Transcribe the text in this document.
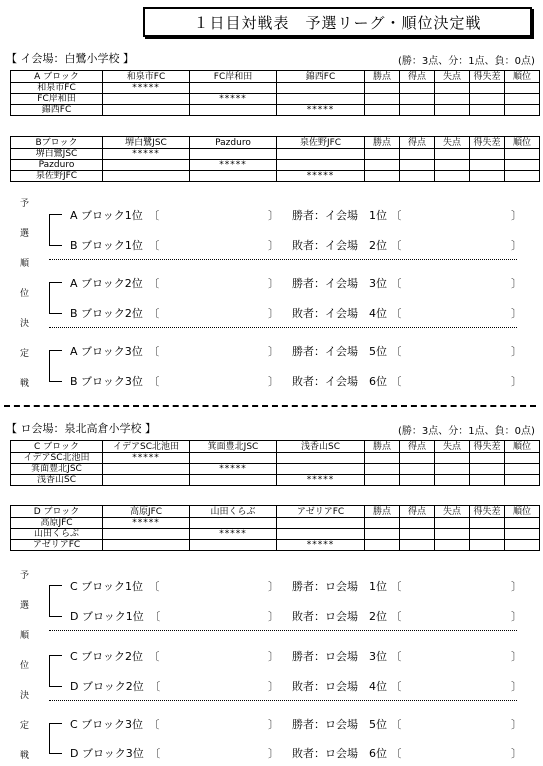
１日目対戦表　予選リーグ・順位決定戦
【 イ会場：白鷺小学校 】	(勝：3点、分：1点、負：0点)
A ブロック	和泉市FC	FC岸和田	錦西FC	勝点	得点	失点	得失差	順位
和泉市FC	*****							
FC岸和田		*****						
錦西FC			*****					
Bブロック	堺白鷺JSC	Pazduro	泉佐野JFC	勝点	得点	失点	得失差	順位
堺白鷺JSC	*****							
Pazduro		*****						
泉佐野JFC			*****					
予
選
順
位
決
定
戦
A ブロック1位　〔	〕 勝者：イ会場　1位 〔	〕
B ブロック1位　〔	〕 敗者：イ会場　2位 〔	〕
A ブロック2位　〔	〕 勝者：イ会場　3位 〔	〕
B ブロック2位　〔	〕 敗者：イ会場　4位 〔	〕
A ブロック3位　〔	〕 勝者：イ会場　5位 〔	〕
B ブロック3位　〔	〕 敗者：イ会場　6位 〔	〕
【 ロ会場：泉北高倉小学校 】	(勝：3点、分：1点、負：0点)
C ブロック	イデアSC北池田	箕面豊北JSC	浅香山SC	勝点	得点	失点	得失差	順位
イデアSC北池田	*****							
箕面豊北JSC		*****						
浅香山SC			*****					
D ブロック	高原JFC	山田くらぶ	アゼリアFC	勝点	得点	失点	得失差	順位
高原JFC	*****							
山田くらぶ		*****						
アゼリアFC			*****					
予
選
順
位
決
定
戦
C ブロック1位　〔	〕 勝者：ロ会場　1位 〔	〕
D ブロック1位　〔	〕 敗者：ロ会場　2位 〔	〕
C ブロック2位　〔	〕 勝者：ロ会場　3位 〔	〕
D ブロック2位　〔	〕 敗者：ロ会場　4位 〔	〕
C ブロック3位　〔	〕 勝者：ロ会場　5位 〔	〕
D ブロック3位　〔	〕 敗者：ロ会場　6位 〔	〕
